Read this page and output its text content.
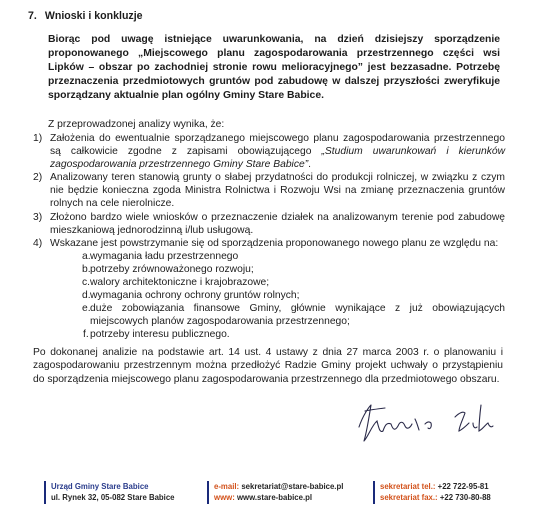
7. Wnioski i konkluzje

Biorąc pod uwagę istniejące uwarunkowania, na dzień dzisiejszy sporządzenie proponowanego „Miejscowego planu zagospodarowania przestrzennego części wsi Lipków – obszar po zachodniej stronie rowu melioracyjnego” jest bezzasadne. Potrzebę przeznaczenia przedmiotowych gruntów pod zabudowę w dalszej przyszłości zweryfikuje sporządzany aktualnie plan ogólny Gminy Stare Babice.

Z przeprowadzonej analizy wynika, że:

1) Założenia do ewentualnie sporządzanego miejscowego planu zagospodarowania przestrzennego są całkowicie zgodne z zapisami obowiązującego „Studium uwarunkowań i kierunków zagospodarowania przestrzennego Gminy Stare Babice”.
2) Analizowany teren stanowią grunty o słabej przydatności do produkcji rolniczej, w związku z czym nie będzie konieczna zgoda Ministra Rolnictwa i Rozwoju Wsi na zmianę przeznaczenia gruntów rolnych na cele nierolnicze.
3) Złożono bardzo wiele wniosków o przeznaczenie działek na analizowanym terenie pod zabudowę mieszkaniową jednorodzinną i/lub usługową.
4) Wskazane jest powstrzymanie się od sporządzenia proponowanego nowego planu ze względu na:
a. wymagania ładu przestrzennego
b. potrzeby zrównoważonego rozwoju;
c. walory architektoniczne i krajobrazowe;
d. wymagania ochrony ochrony gruntów rolnych;
e. duże zobowiązania finansowe Gminy, głównie wynikające z już obowiązujących miejscowych planów zagospodarowania przestrzennego;
f. potrzeby interesu publicznego.

Po dokonanej analizie na podstawie art. 14 ust. 4 ustawy z dnia 27 marca 2003 r. o planowaniu i zagospodarowaniu przestrzennym można przedłożyć Radzie Gminy projekt uchwały o przystąpieniu do sporządzenia miejscowego planu zagospodarowania przestrzennego dla przedmiotowego obszaru.

Urząd Gminy Stare Babice
ul. Rynek 32, 05-082 Stare Babice
e-mail: sekretariat@stare-babice.pl
www: www.stare-babice.pl
sekretariat tel.: +22 722-95-81
sekretariat fax.: +22 730-80-88
